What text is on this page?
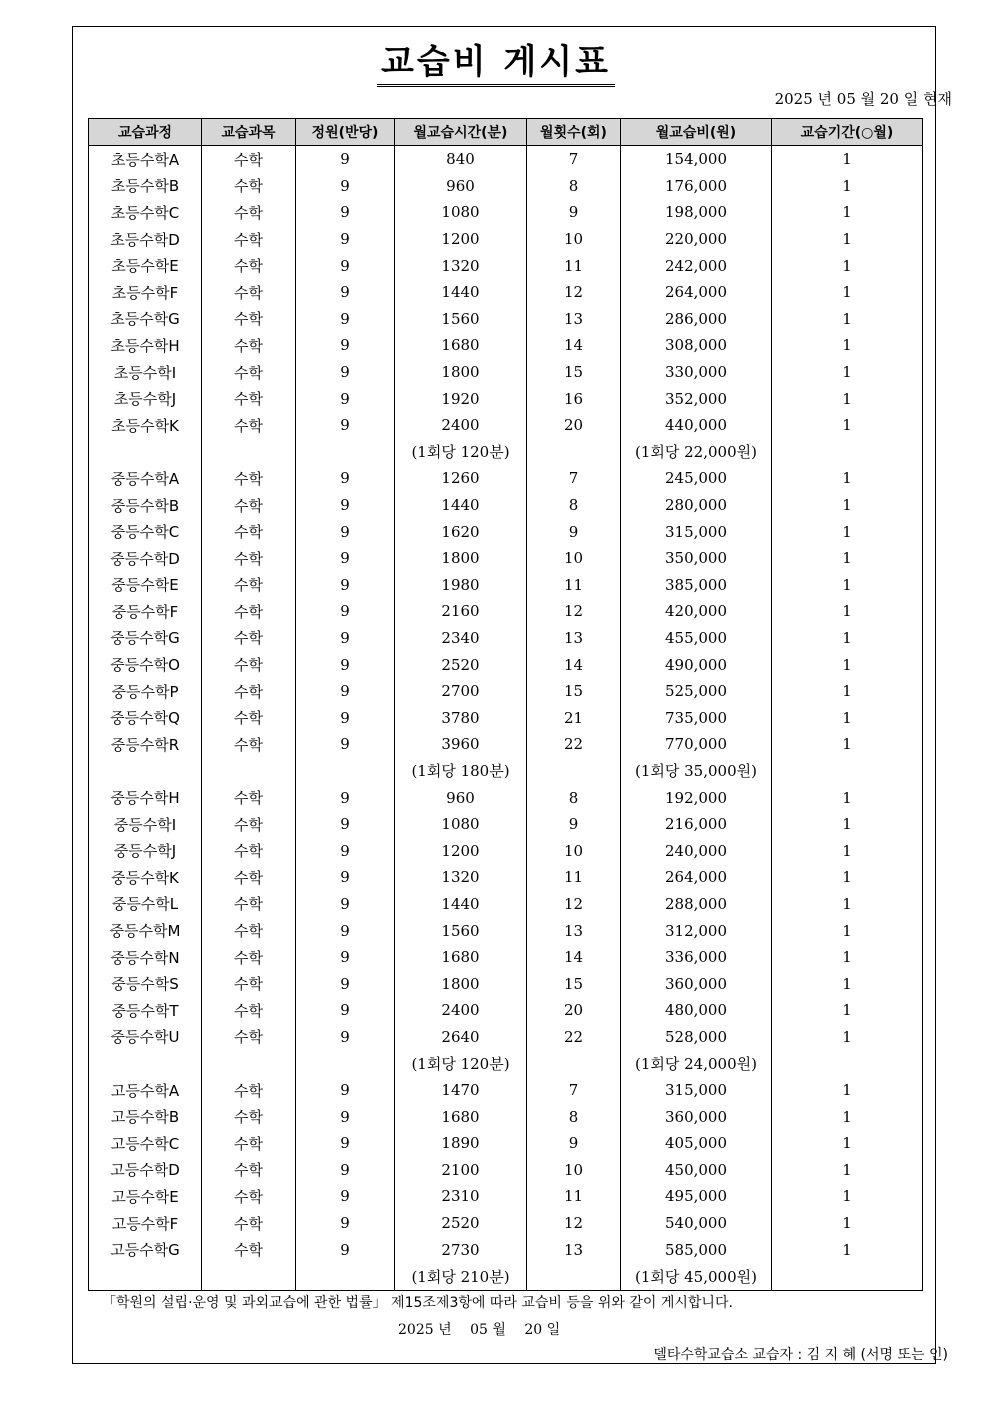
교습비 게시표
2025 년 05 월 20 일 현재
교습과정	교습과목	정원(반당)	월교습시간(분)	월횟수(회)	월교습비(원)	교습기간(○월)
초등수학A	수학	9	840	7	154,000	1
초등수학B	수학	9	960	8	176,000	1
초등수학C	수학	9	1080	9	198,000	1
초등수학D	수학	9	1200	10	220,000	1
초등수학E	수학	9	1320	11	242,000	1
초등수학F	수학	9	1440	12	264,000	1
초등수학G	수학	9	1560	13	286,000	1
초등수학H	수학	9	1680	14	308,000	1
초등수학I	수학	9	1800	15	330,000	1
초등수학J	수학	9	1920	16	352,000	1
초등수학K	수학	9	2400	20	440,000	1
			(1회당 120분)		(1회당 22,000원)	
중등수학A	수학	9	1260	7	245,000	1
중등수학B	수학	9	1440	8	280,000	1
중등수학C	수학	9	1620	9	315,000	1
중등수학D	수학	9	1800	10	350,000	1
중등수학E	수학	9	1980	11	385,000	1
중등수학F	수학	9	2160	12	420,000	1
중등수학G	수학	9	2340	13	455,000	1
중등수학O	수학	9	2520	14	490,000	1
중등수학P	수학	9	2700	15	525,000	1
중등수학Q	수학	9	3780	21	735,000	1
중등수학R	수학	9	3960	22	770,000	1
			(1회당 180분)		(1회당 35,000원)	
중등수학H	수학	9	960	8	192,000	1
중등수학I	수학	9	1080	9	216,000	1
중등수학J	수학	9	1200	10	240,000	1
중등수학K	수학	9	1320	11	264,000	1
중등수학L	수학	9	1440	12	288,000	1
중등수학M	수학	9	1560	13	312,000	1
중등수학N	수학	9	1680	14	336,000	1
중등수학S	수학	9	1800	15	360,000	1
중등수학T	수학	9	2400	20	480,000	1
중등수학U	수학	9	2640	22	528,000	1
			(1회당 120분)		(1회당 24,000원)	
고등수학A	수학	9	1470	7	315,000	1
고등수학B	수학	9	1680	8	360,000	1
고등수학C	수학	9	1890	9	405,000	1
고등수학D	수학	9	2100	10	450,000	1
고등수학E	수학	9	2310	11	495,000	1
고등수학F	수학	9	2520	12	540,000	1
고등수학G	수학	9	2730	13	585,000	1
			(1회당 210분)		(1회당 45,000원)	
「학원의 설립·운영 및 과외교습에 관한 법률」 제15조제3항에 따라 교습비 등을 위와 같이 게시합니다.
2025 년 05 월 20 일
델타수학교습소 교습자 : 김 지 혜 (서명 또는 인)
